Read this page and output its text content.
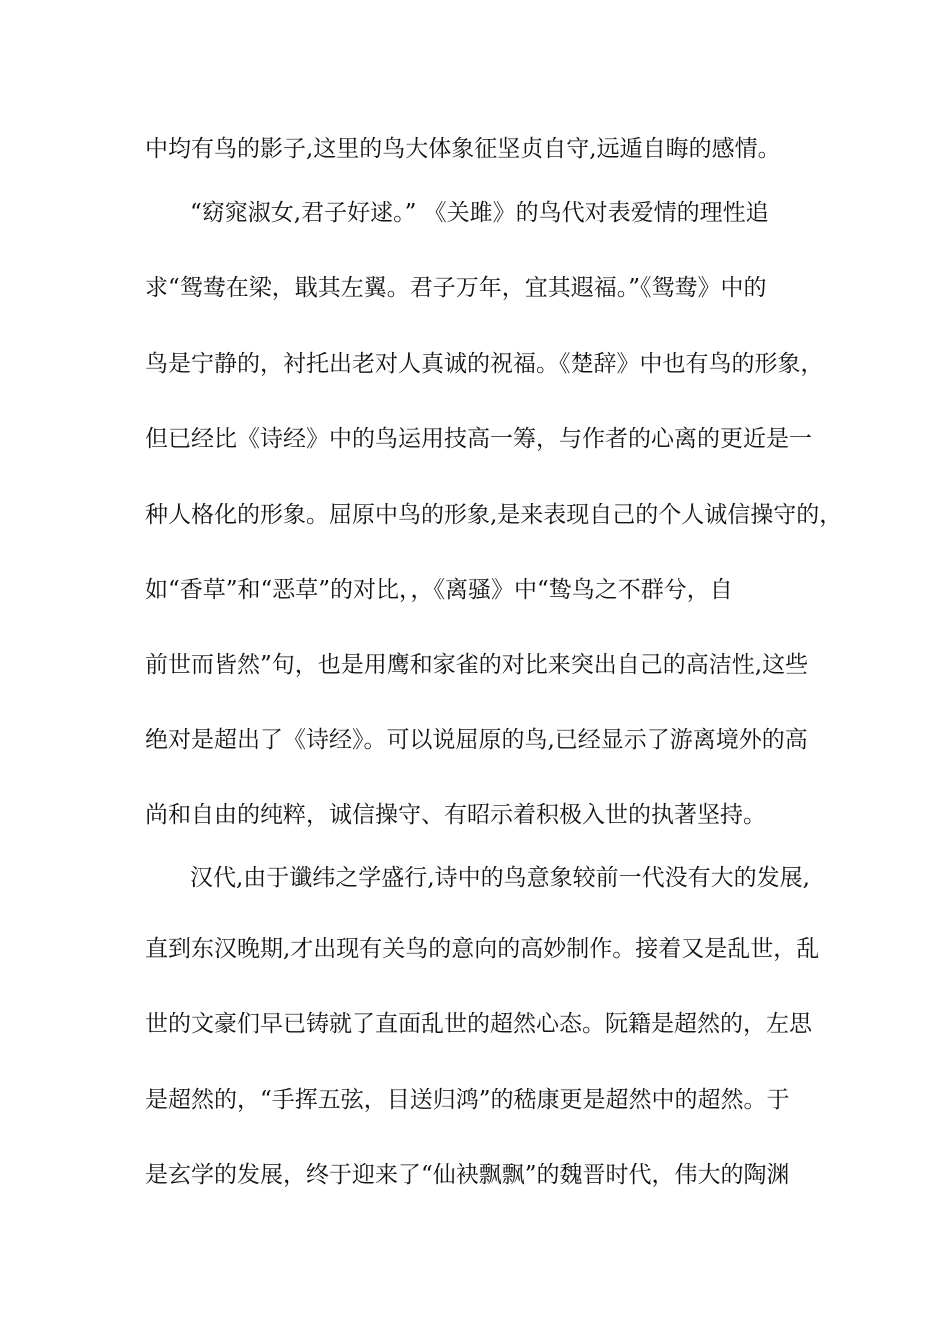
中均有鸟的影子,这里的鸟大体象征坚贞自守,远遁自晦的感情。
“窈窕淑女,君子好逑。” 《关雎》的鸟代对表爱情的理性追
求“鸳鸯在梁，戢其左翼。君子万年，宜其遐福。”《鸳鸯》中的
鸟是宁静的，衬托出老对人真诚的祝福。《楚辞》中也有鸟的形象，
但已经比《诗经》中的鸟运用技高一筹，与作者的心离的更近是一
种人格化的形象。屈原中鸟的形象,是来表现自己的个人诚信操守的，
如“香草”和“恶草”的对比，，《离骚》中“鸷鸟之不群兮，自
前世而皆然”句，也是用鹰和家雀的对比来突出自己的高洁性,这些
绝对是超出了《诗经》。可以说屈原的鸟,已经显示了游离境外的高
尚和自由的纯粹，诚信操守、有昭示着积极入世的执著坚持。
汉代,由于谶纬之学盛行,诗中的鸟意象较前一代没有大的发展,
直到东汉晚期,才出现有关鸟的意向的高妙制作。接着又是乱世，乱
世的文豪们早已铸就了直面乱世的超然心态。阮籍是超然的，左思
是超然的，“手挥五弦，目送归鸿”的嵇康更是超然中的超然。于
是玄学的发展，终于迎来了“仙袂飘飘”的魏晋时代，伟大的陶渊
